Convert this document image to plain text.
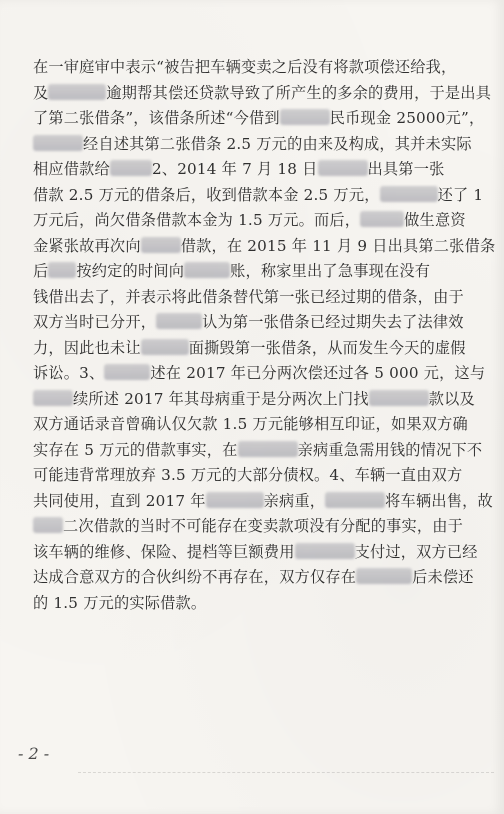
在一审庭审中表示“被告把车辆变卖之后没有将款项偿还给我，
及	逾期帮其偿还贷款导致了所产生的多余的费用，于是出具
了第二张借条”，该借条所述“今借到	民币现金 25000元”，
经自述其第二张借条 2.5 万元的由来及构成，其并未实际
相应借款给	2、2014 年 7 月 18 日	出具第一张
借款 2.5 万元的借条后，收到借款本金 2.5 万元，	还了 1
万元后，尚欠借条借款本金为 1.5 万元。而后，	做生意资
金紧张故再次向	借款，在 2015 年 11 月 9 日出具第二张借条
后 按约定的时间向	账，称家里出了急事现在没有
钱借出去了，并表示将此借条替代第一张已经过期的借条，由于
双方当时已分开，	认为第一张借条已经过期失去了法律效
力，因此也未让	面撕毁第一张借条，从而发生今天的虚假
诉讼。3、	述在 2017 年已分两次偿还过各 5 000 元，这与
续所述 2017 年其母病重于是分两次上门找	款以及
双方通话录音曾确认仅欠款 1.5 万元能够相互印证，如果双方确
实存在 5 万元的借款事实，在	亲病重急需用钱的情况下不
可能违背常理放弃 3.5 万元的大部分债权。4、车辆一直由双方
共同使用，直到 2017 年	亲病重，	将车辆出售，故
二次借款的当时不可能存在变卖款项没有分配的事实，由于
该车辆的维修、保险、提档等巨额费用	支付过，双方已经
达成合意双方的合伙纠纷不再存在，双方仅存在	后未偿还
的 1.5 万元的实际借款。
- 2 -
